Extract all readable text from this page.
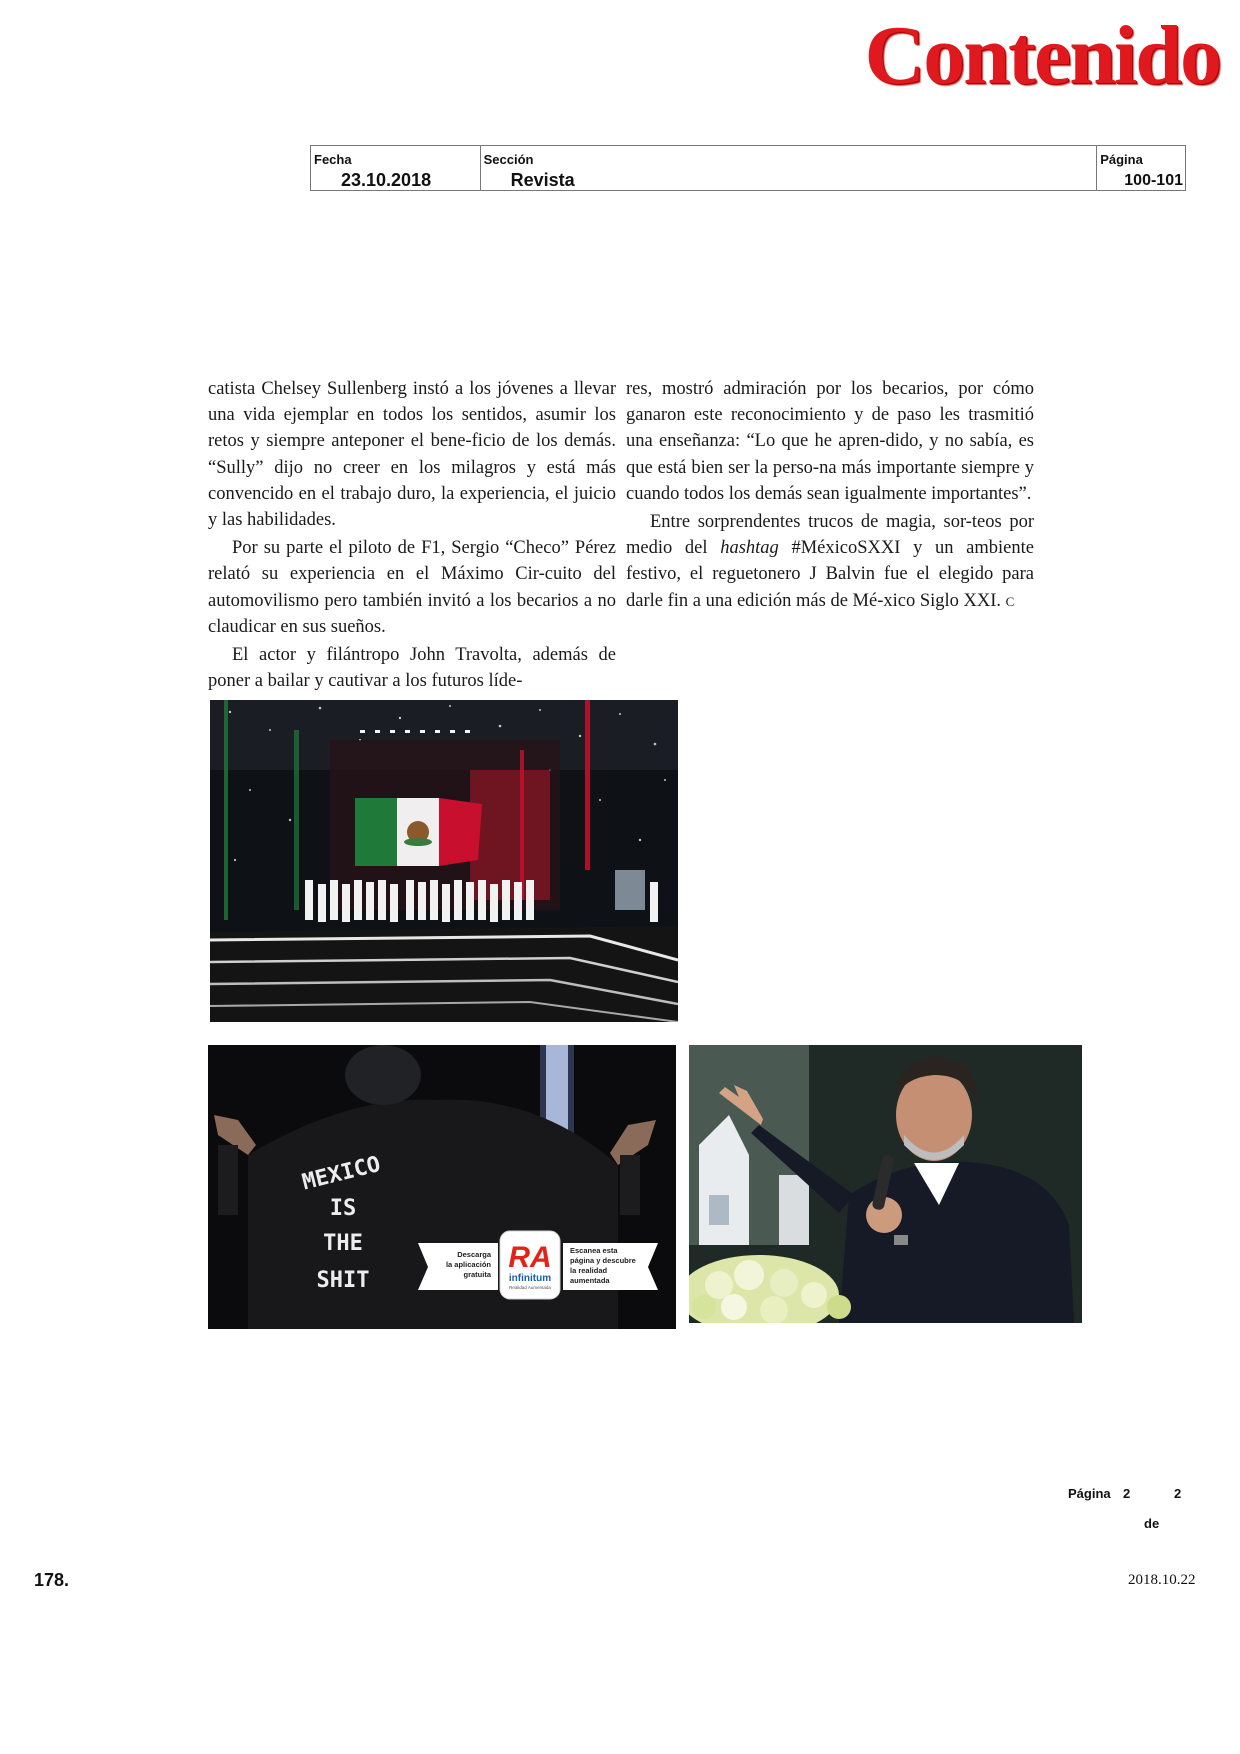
Contenido
Fecha
23.10.2018
Sección
Revista
Página
100-101

catista Chelsey Sullenberg instó a los jóvenes a llevar una vida ejemplar en todos los sentidos, asumir los retos y siempre anteponer el bene-ficio de los demás. “Sully” dijo no creer en los milagros y está más convencido en el trabajo duro, la experiencia, el juicio y las habilidades.

Por su parte el piloto de F1, Sergio “Checo” Pérez relató su experiencia en el Máximo Cir-cuito del automovilismo pero también invitó a los becarios a no claudicar en sus sueños.

El actor y filántropo John Travolta, además de poner a bailar y cautivar a los futuros líde-

res, mostró admiración por los becarios, por cómo ganaron este reconocimiento y de paso les trasmitió una enseñanza: “Lo que he apren-dido, y no sabía, es que está bien ser la perso-na más importante siempre y cuando todos los demás sean igualmente importantes”.

Entre sorprendentes trucos de magia, sor-teos por medio del hashtag #MéxicoSXXI y un ambiente festivo, el reguetonero J Balvin fue el elegido para darle fin a una edición más de Mé-xico Siglo XXI. C

MEXICO
IS
THE
SHIT
Descarga
la aplicación
gratuita
Escanea esta
página y descubre
la realidad
aumentada
RA
infinitum
Realidad Aumentada
Página 2	2
de
178.	2018.10.22
